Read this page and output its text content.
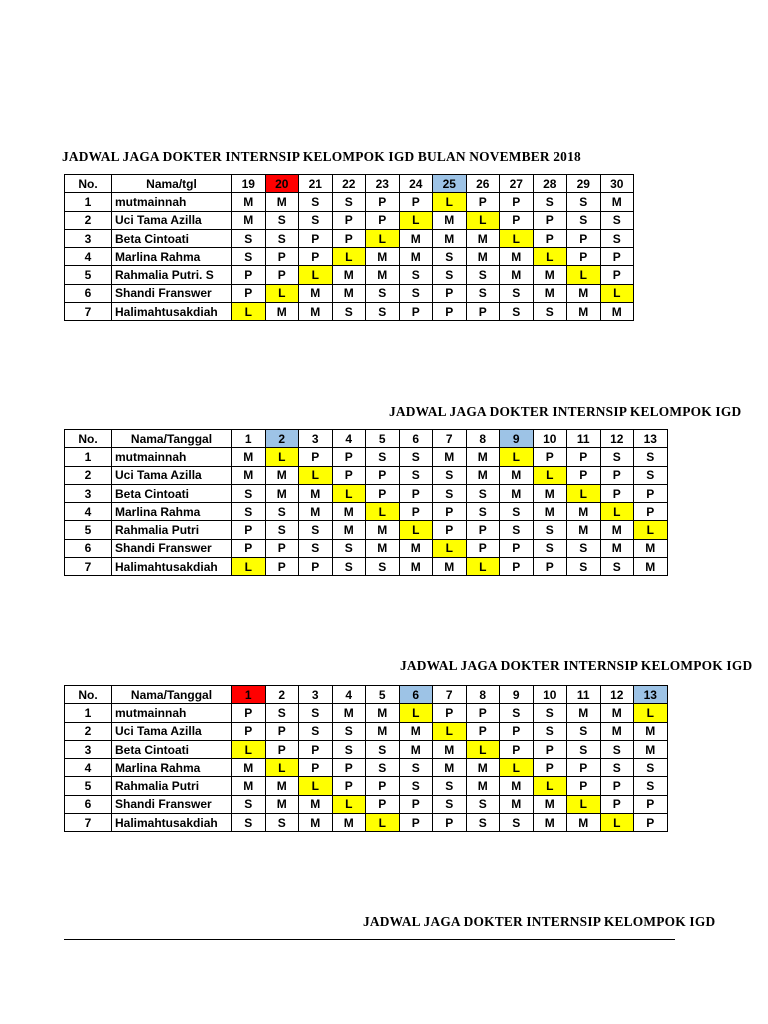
JADWAL JAGA DOKTER INTERNSIP KELOMPOK IGD BULAN NOVEMBER 2018
No.	Nama/tgl	19	20	21	22	23	24	25	26	27	28	29	30
1	mutmainnah	M	M	S	S	P	P	L	P	P	S	S	M
2	Uci Tama Azilla	M	S	S	P	P	L	M	L	P	P	S	S
3	Beta Cintoati	S	S	P	P	L	M	M	M	L	P	P	S
4	Marlina Rahma	S	P	P	L	M	M	S	M	M	L	P	P
5	Rahmalia Putri. S	P	P	L	M	M	S	S	S	M	M	L	P
6	Shandi Franswer	P	L	M	M	S	S	P	S	S	M	M	L
7	Halimahtusakdiah	L	M	M	S	S	P	P	P	S	S	M	M
JADWAL JAGA DOKTER INTERNSIP KELOMPOK IGD
No.	Nama/Tanggal	1	2	3	4	5	6	7	8	9	10	11	12	13
1	mutmainnah	M	L	P	P	S	S	M	M	L	P	P	S	S
2	Uci Tama Azilla	M	M	L	P	P	S	S	M	M	L	P	P	S
3	Beta Cintoati	S	M	M	L	P	P	S	S	M	M	L	P	P
4	Marlina Rahma	S	S	M	M	L	P	P	S	S	M	M	L	P
5	Rahmalia Putri	P	S	S	M	M	L	P	P	S	S	M	M	L
6	Shandi Franswer	P	P	S	S	M	M	L	P	P	S	S	M	M
7	Halimahtusakdiah	L	P	P	S	S	M	M	L	P	P	S	S	M
JADWAL JAGA DOKTER INTERNSIP KELOMPOK IGD
No.	Nama/Tanggal	1	2	3	4	5	6	7	8	9	10	11	12	13
1	mutmainnah	P	S	S	M	M	L	P	P	S	S	M	M	L
2	Uci Tama Azilla	P	P	S	S	M	M	L	P	P	S	S	M	M
3	Beta Cintoati	L	P	P	S	S	M	M	L	P	P	S	S	M
4	Marlina Rahma	M	L	P	P	S	S	M	M	L	P	P	S	S
5	Rahmalia Putri	M	M	L	P	P	S	S	M	M	L	P	P	S
6	Shandi Franswer	S	M	M	L	P	P	S	S	M	M	L	P	P
7	Halimahtusakdiah	S	S	M	M	L	P	P	S	S	M	M	L	P
JADWAL JAGA DOKTER INTERNSIP KELOMPOK IGD
